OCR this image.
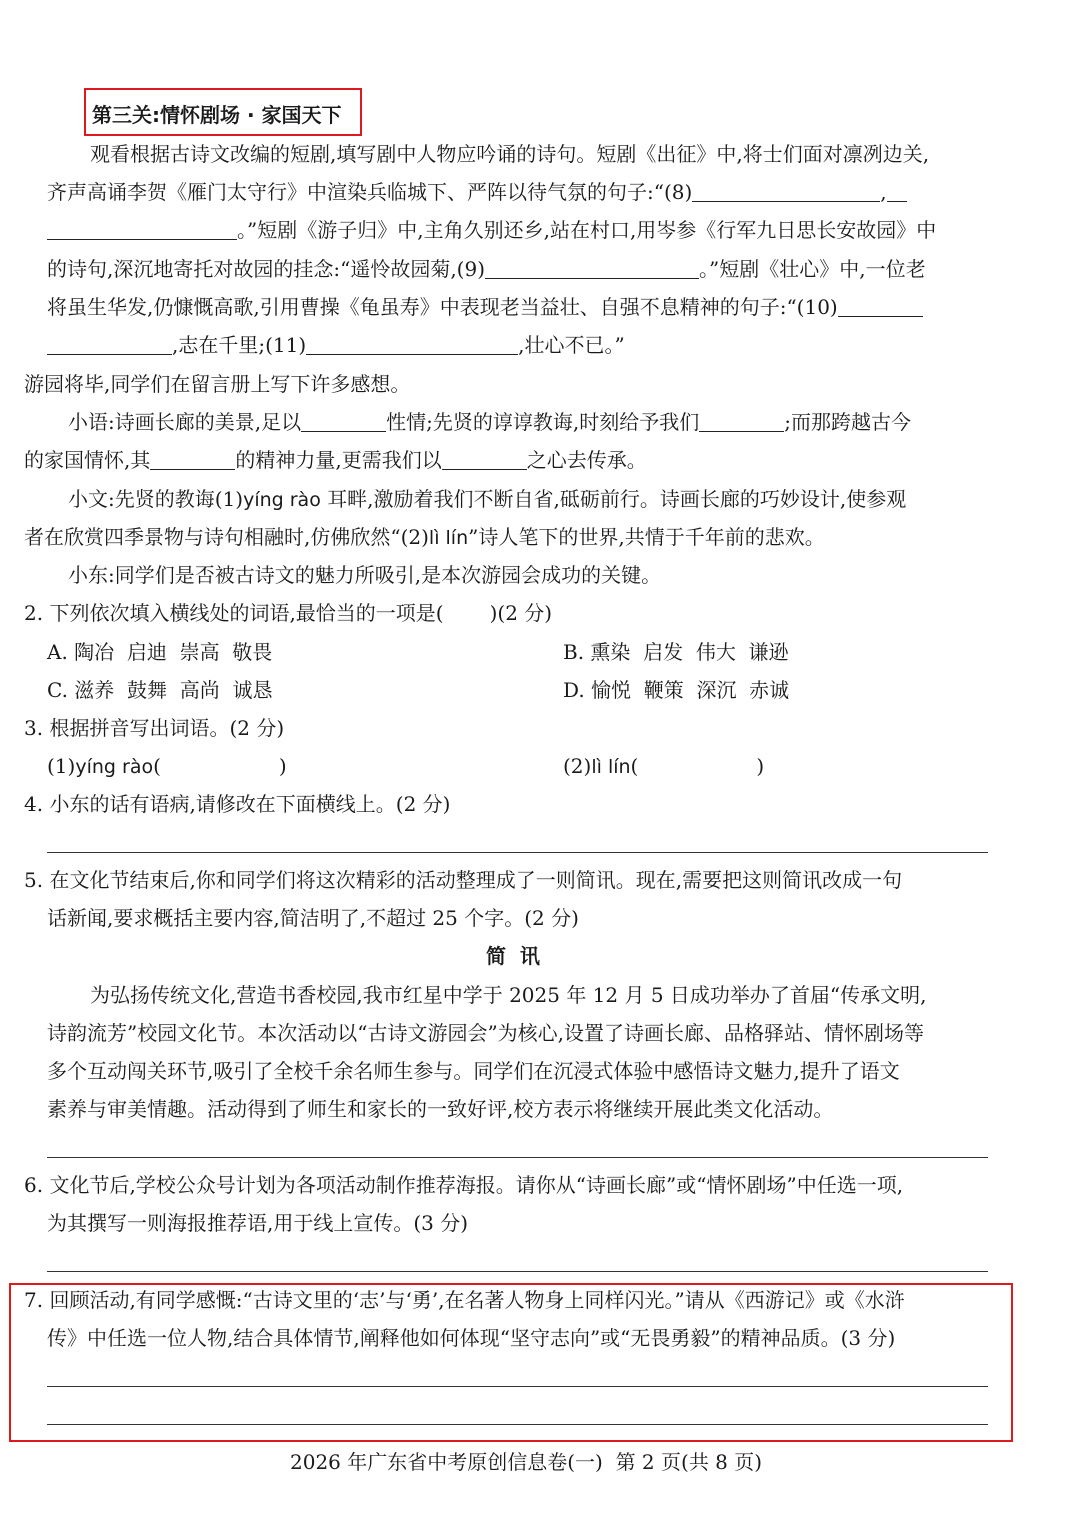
第三关:情怀剧场 · 家国天下
观看根据古诗文改编的短剧,填写剧中人物应吟诵的诗句。短剧《出征》中,将士们面对凛冽边关,
齐声高诵李贺《雁门太守行》中渲染兵临城下、严阵以待气氛的句子:“(8)	,
。”短剧《游子归》中,主角久别还乡,站在村口,用岑参《行军九日思长安故园》中
的诗句,深沉地寄托对故园的挂念:“遥怜故园菊,(9)	。”短剧《壮心》中,一位老
将虽生华发,仍慷慨高歌,引用曹操《龟虽寿》中表现老当益壮、自强不息精神的句子:“(10)
,志在千里;(11)	,壮心不已。”
游园将毕,同学们在留言册上写下许多感想。
小语:诗画长廊的美景,足以	性情;先贤的谆谆教诲,时刻给予我们	;而那跨越古今
的家国情怀,其	的精神力量,更需我们以	之心去传承。
小文:先贤的教诲(1)yíng rào 耳畔,激励着我们不断自省,砥砺前行。诗画长廊的巧妙设计,使参观
者在欣赏四季景物与诗句相融时,仿佛欣然“(2)lì lín”诗人笔下的世界,共情于千年前的悲欢。
小东:同学们是否被古诗文的魅力所吸引,是本次游园会成功的关键。
2. 下列依次填入横线处的词语,最恰当的一项是( )(2 分)
A. 陶冶  启迪  崇高  敬畏	B. 熏染  启发  伟大  谦逊
C. 滋养  鼓舞  高尚  诚恳	D. 愉悦  鞭策  深沉  赤诚
3. 根据拼音写出词语。(2 分)
(1)yíng rào(	)	(2)lì lín(	)
4. 小东的话有语病,请修改在下面横线上。(2 分)
5. 在文化节结束后,你和同学们将这次精彩的活动整理成了一则简讯。现在,需要把这则简讯改成一句
话新闻,要求概括主要内容,简洁明了,不超过 25 个字。(2 分)
简  讯
为弘扬传统文化,营造书香校园,我市红星中学于 2025 年 12 月 5 日成功举办了首届“传承文明,
诗韵流芳”校园文化节。本次活动以“古诗文游园会”为核心,设置了诗画长廊、品格驿站、情怀剧场等
多个互动闯关环节,吸引了全校千余名师生参与。同学们在沉浸式体验中感悟诗文魅力,提升了语文
素养与审美情趣。活动得到了师生和家长的一致好评,校方表示将继续开展此类文化活动。
6. 文化节后,学校公众号计划为各项活动制作推荐海报。请你从“诗画长廊”或“情怀剧场”中任选一项,
为其撰写一则海报推荐语,用于线上宣传。(3 分)
7. 回顾活动,有同学感慨:“古诗文里的‘志’与‘勇’,在名著人物身上同样闪光。”请从《西游记》或《水浒
传》中任选一位人物,结合具体情节,阐释他如何体现“坚守志向”或“无畏勇毅”的精神品质。(3 分)
2026 年广东省中考原创信息卷(一)  第 2 页(共 8 页)
